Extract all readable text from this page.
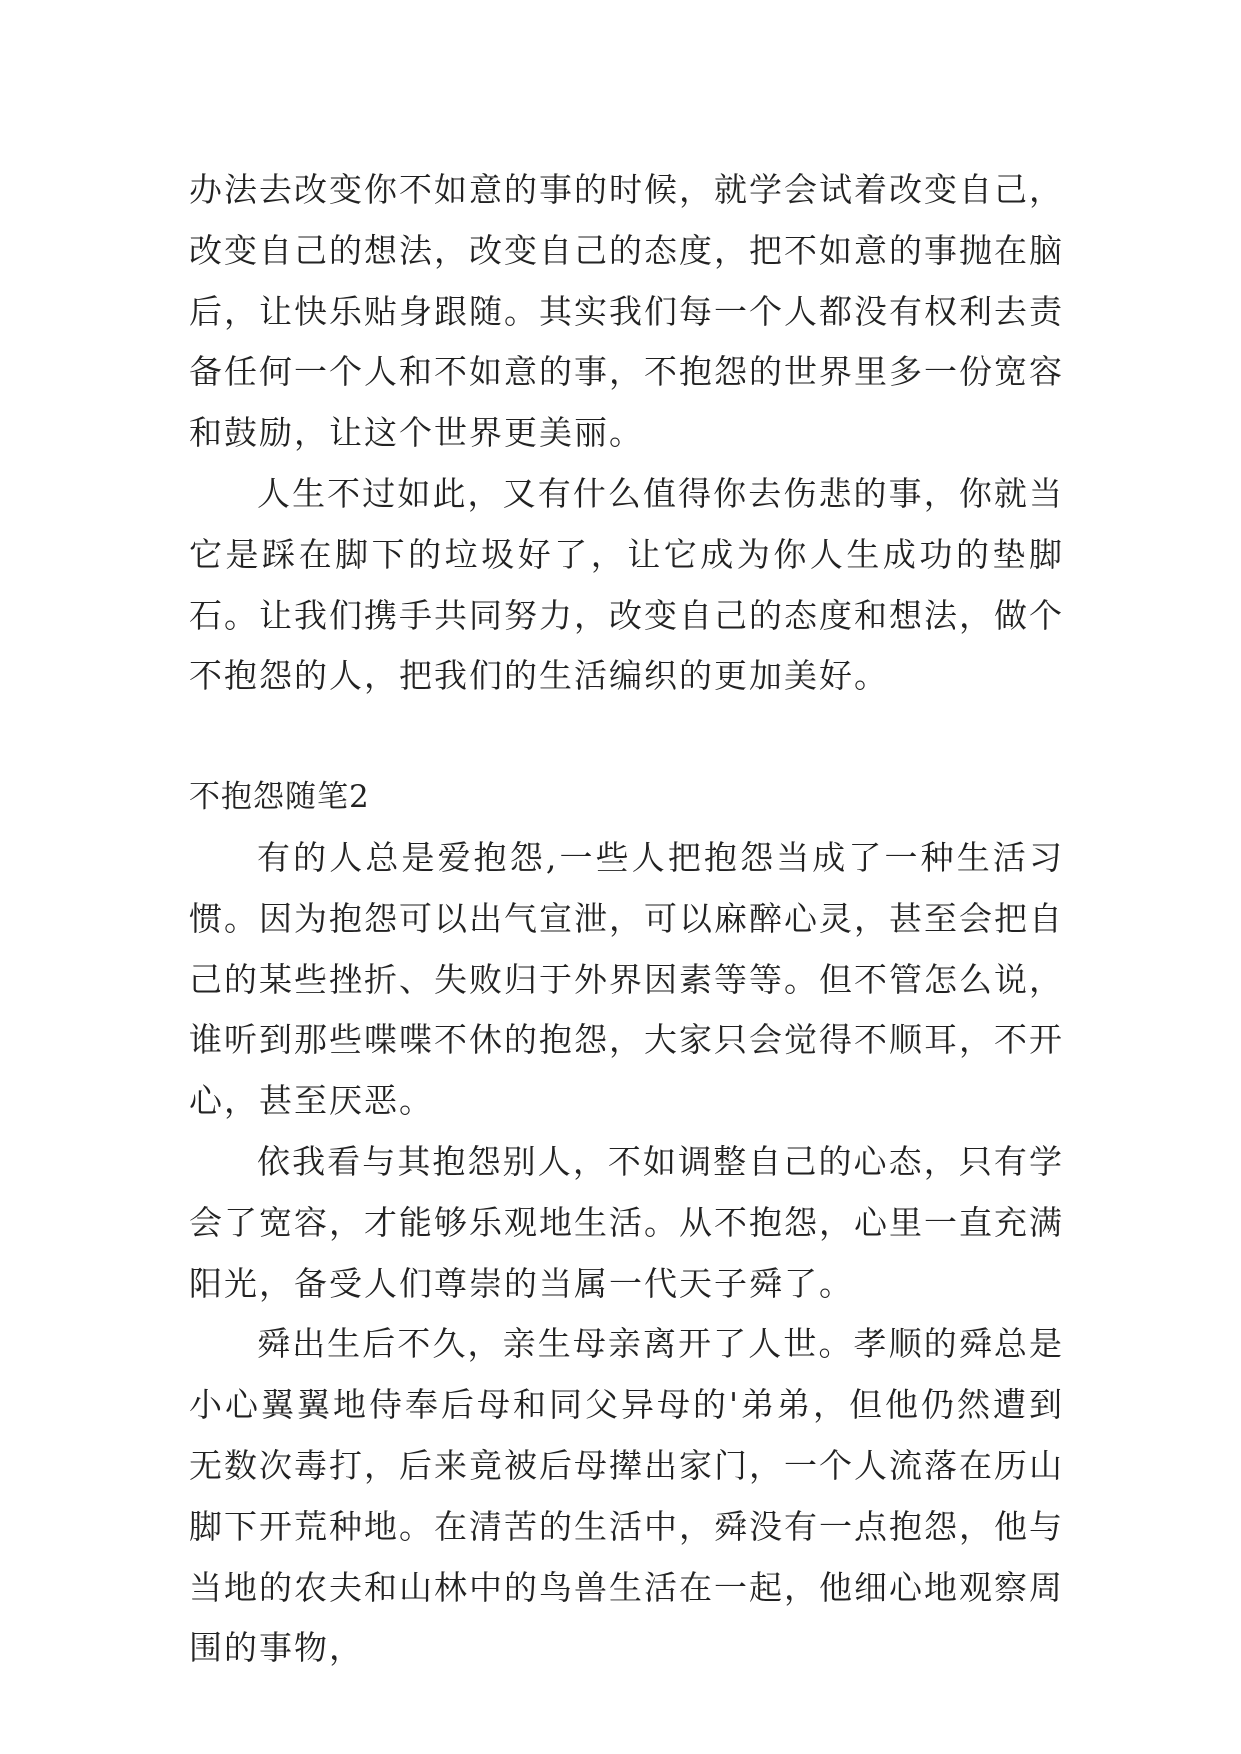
办法去改变你不如意的事的时候，就学会试着改变自己，改变自己的想法，改变自己的态度，把不如意的事抛在脑后，让快乐贴身跟随。其实我们每一个人都没有权利去责备任何一个人和不如意的事，不抱怨的世界里多一份宽容和鼓励，让这个世界更美丽。

人生不过如此，又有什么值得你去伤悲的事，你就当它是踩在脚下的垃圾好了，让它成为你人生成功的垫脚石。让我们携手共同努力，改变自己的态度和想法，做个不抱怨的人，把我们的生活编织的更加美好。

不抱怨随笔2

有的人总是爱抱怨,一些人把抱怨当成了一种生活习惯。因为抱怨可以出气宣泄，可以麻醉心灵，甚至会把自己的某些挫折、失败归于外界因素等等。但不管怎么说，谁听到那些喋喋不休的抱怨，大家只会觉得不顺耳，不开心，甚至厌恶。

依我看与其抱怨别人，不如调整自己的心态，只有学会了宽容，才能够乐观地生活。从不抱怨，心里一直充满阳光，备受人们尊崇的当属一代天子舜了。

舜出生后不久，亲生母亲离开了人世。孝顺的舜总是小心翼翼地侍奉后母和同父异母的'弟弟，但他仍然遭到无数次毒打，后来竟被后母撵出家门，一个人流落在历山脚下开荒种地。在清苦的生活中，舜没有一点抱怨，他与当地的农夫和山林中的鸟兽生活在一起，他细心地观察周围的事物，
